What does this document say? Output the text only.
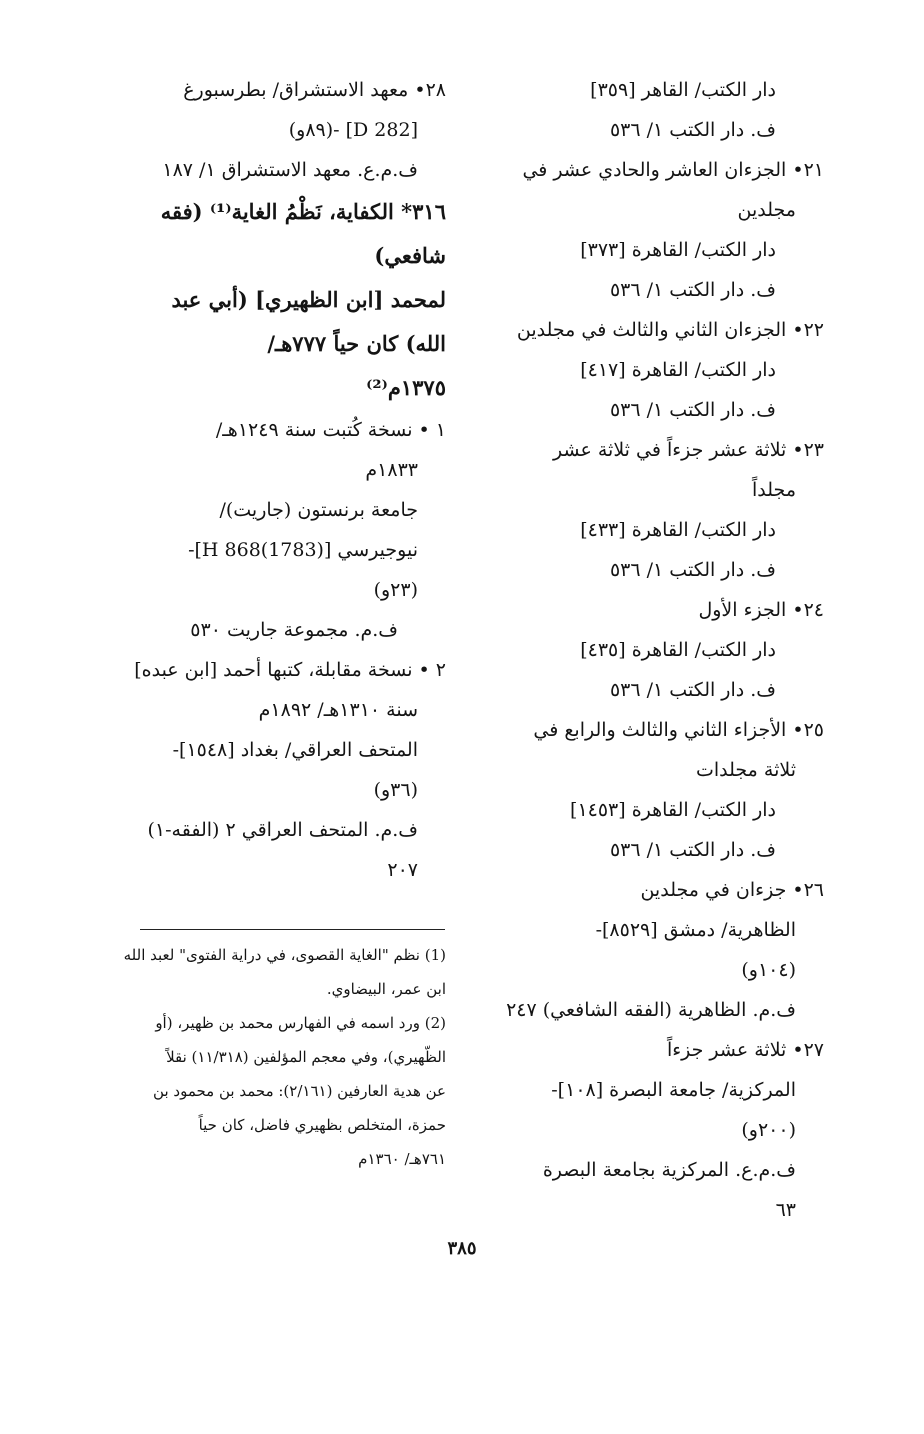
دار الكتب/ القاهر [٣٥٩]
ف. دار الكتب ١/ ٥٣٦
٢١• الجزءان العاشر والحادي عشر في
مجلدين
دار الكتب/ القاهرة [٣٧٣]
ف. دار الكتب ١/ ٥٣٦
٢٢• الجزءان الثاني والثالث في مجلدين
دار الكتب/ القاهرة [٤١٧]
ف. دار الكتب ١/ ٥٣٦
٢٣• ثلاثة عشر جزءاً في ثلاثة عشر
مجلداً
دار الكتب/ القاهرة [٤٣٣]
ف. دار الكتب ١/ ٥٣٦
٢٤• الجزء الأول
دار الكتب/ القاهرة [٤٣٥]
ف. دار الكتب ١/ ٥٣٦
٢٥• الأجزاء الثاني والثالث والرابع في
ثلاثة مجلدات
دار الكتب/ القاهرة [١٤٥٣]
ف. دار الكتب ١/ ٥٣٦
٢٦• جزءان في مجلدين
الظاهرية/ دمشق [٨٥٢٩]-
(١٠٤و)
ف.م. الظاهرية (الفقه الشافعي) ٢٤٧
٢٧• ثلاثة عشر جزءاً
المركزية/ جامعة البصرة [١٠٨]-
(٢٠٠و)
ف.م.ع. المركزية بجامعة البصرة
٦٣
٢٨• معهد الاستشراق/ بطرسبورغ
[D 282] -(٨٩و)
ف.م.ع. معهد الاستشراق ١/ ١٨٧
٣١٦* الكفاية، نَظْمُ الغاية⁽¹⁾ (فقه
شافعي)
لمحمد [ابن الظهيري] (أبي عبد
الله) كان حياً ٧٧٧هـ/
١٣٧٥م⁽²⁾
١ • نسخة كُتبت سنة ١٢٤٩هـ/
١٨٣٣م
جامعة برنستون (جاريت)/
نيوجيرسي [H 868(1783)]-
(٢٣و)
ف.م. مجموعة جاريت ٥٣٠
٢ • نسخة مقابلة، كتبها أحمد [ابن عبده]
سنة ١٣١٠هـ/ ١٨٩٢م
المتحف العراقي/ بغداد [١٥٤٨]-
(٣٦و)
ف.م. المتحف العراقي ٢ (الفقه-١)
٢٠٧
(1) نظم "الغاية القصوى، في دراية الفتوى" لعبد الله
ابن عمر، البيضاوي.
(2) ورد اسمه في الفهارس محمد بن ظهير، (أو
الظّهيري)، وفي معجم المؤلفين (١١/٣١٨) نقلاً
عن هدية العارفين (٢/١٦١): محمد بن محمود بن
حمزة، المتخلص بظهيري فاضل، كان حياً
٧٦١هـ/ ١٣٦٠م
٣٨٥
